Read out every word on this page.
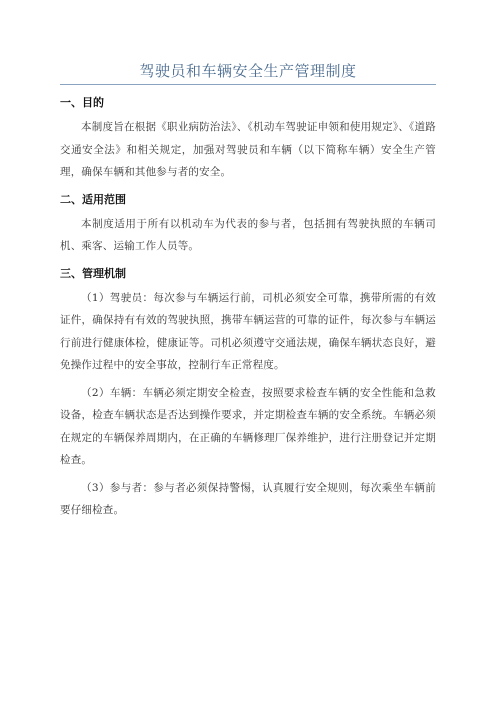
驾驶员和车辆安全生产管理制度

一、目的

本制度旨在根据《职业病防治法》、《机动车驾驶证申领和使用规定》、《道路交通安全法》和相关规定，加强对驾驶员和车辆（以下简称车辆）安全生产管理，确保车辆和其他参与者的安全。

二、适用范围

本制度适用于所有以机动车为代表的参与者，包括拥有驾驶执照的车辆司机、乘客、运输工作人员等。

三、管理机制

（1）驾驶员：每次参与车辆运行前，司机必须安全可靠，携带所需的有效证件，确保持有有效的驾驶执照，携带车辆运营的可靠的证件，每次参与车辆运行前进行健康体检，健康证等。司机必须遵守交通法规，确保车辆状态良好，避免操作过程中的安全事故，控制行车正常程度。

（2）车辆：车辆必须定期安全检查，按照要求检查车辆的安全性能和急救设备，检查车辆状态是否达到操作要求，并定期检查车辆的安全系统。车辆必须在规定的车辆保养周期内，在正确的车辆修理厂保养维护，进行注册登记并定期检查。

（3）参与者：参与者必须保持警惕，认真履行安全规则，每次乘坐车辆前要仔细检查。
